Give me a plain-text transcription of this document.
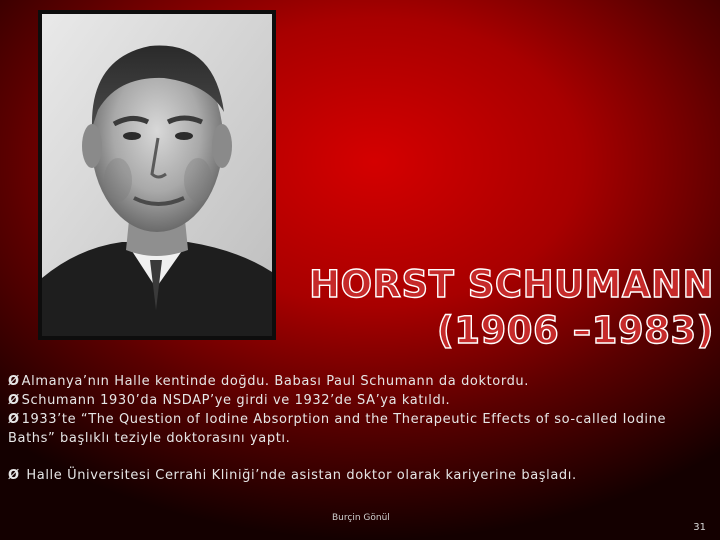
HORST SCHUMANN
(1906 –1983)

Ø Almanya’nın Halle kentinde doğdu. Babası Paul Schumann da doktordu.

Ø Schumann 1930’da NSDAP’ye girdi ve 1932’de SA’ya katıldı.

Ø 1933’te “The Question of Iodine Absorption and the Therapeutic Effects of so-called Iodine Baths” başlıklı teziyle doktorasını yaptı.

Ø Halle Üniversitesi Cerrahi Kliniği’nde asistan doktor olarak kariyerine başladı.

Burçin Gönül
31
